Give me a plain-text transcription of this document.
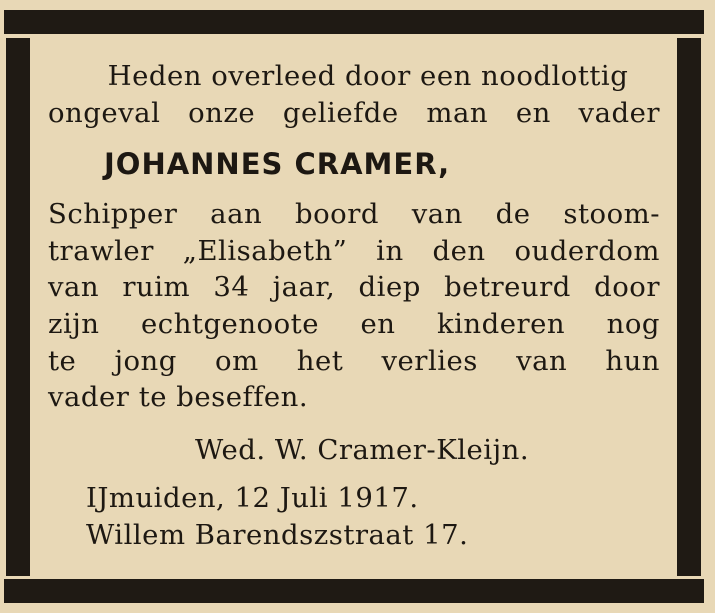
Heden overleed door een noodlottig
ongeval onze geliefde man en vader
JOHANNES CRAMER,
Schipper aan boord van de stoom-
trawler „Elisabeth” in den ouderdom
van ruim 34 jaar, diep betreurd door
zijn echtgenoote en kinderen nog
te jong om het verlies van hun
vader te beseffen.
Wed. W. Cramer-Kleijn.
IJmuiden, 12 Juli 1917.
Willem Barendszstraat 17.
